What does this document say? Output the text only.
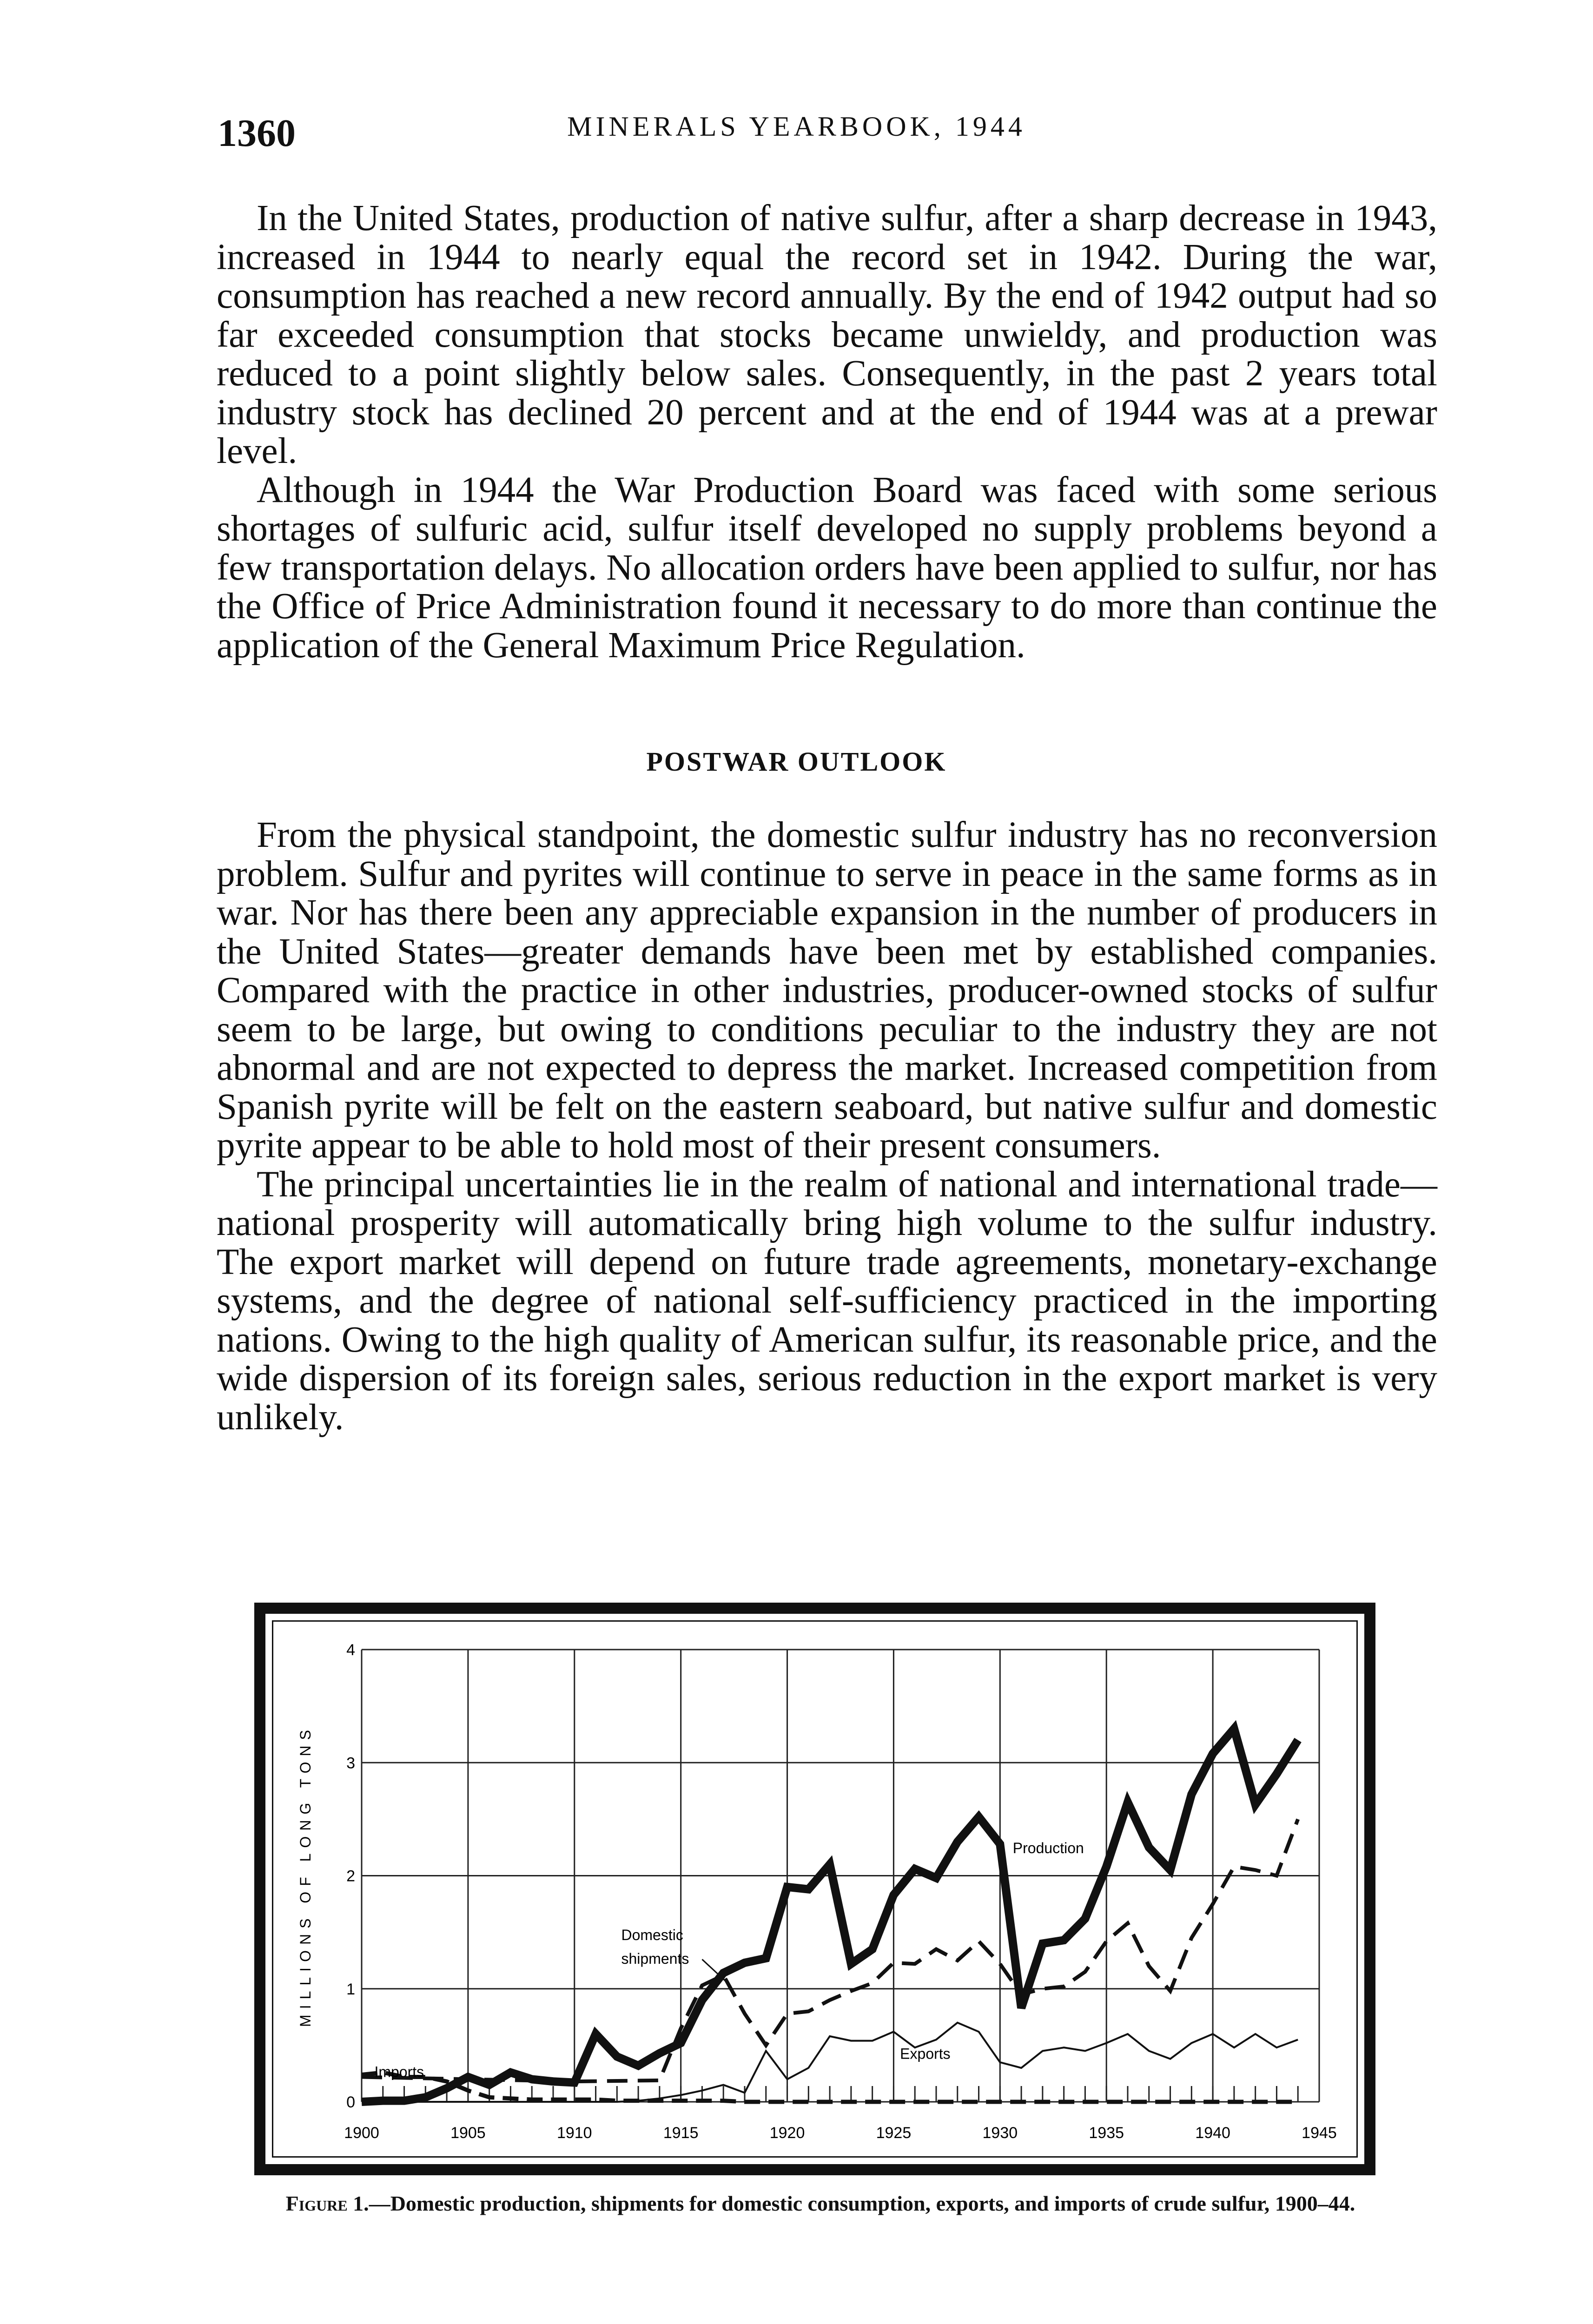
1360	MINERALS YEARBOOK, 1944

In the United States, production of native sulfur, after a sharp decrease in 1943, increased in 1944 to nearly equal the record set in 1942. During the war, consumption has reached a new record annually. By the end of 1942 output had so far exceeded consumption that stocks became unwieldy, and production was reduced to a point slightly below sales. Consequently, in the past 2 years total industry stock has declined 20 percent and at the end of 1944 was at a prewar level.

Although in 1944 the War Production Board was faced with some serious shortages of sulfuric acid, sulfur itself developed no supply problems beyond a few transportation delays. No allocation orders have been applied to sulfur, nor has the Office of Price Administration found it necessary to do more than continue the application of the General Maximum Price Regulation.

POSTWAR OUTLOOK

From the physical standpoint, the domestic sulfur industry has no reconversion problem. Sulfur and pyrites will continue to serve in peace in the same forms as in war. Nor has there been any appreciable expansion in the number of producers in the United States—greater demands have been met by established companies. Compared with the practice in other industries, producer-owned stocks of sulfur seem to be large, but owing to conditions peculiar to the industry they are not abnormal and are not expected to depress the market. Increased competition from Spanish pyrite will be felt on the eastern seaboard, but native sulfur and domestic pyrite appear to be able to hold most of their present consumers.

The principal uncertainties lie in the realm of national and international trade—national prosperity will automatically bring high volume to the sulfur industry. The export market will depend on future trade agreements, monetary-exchange systems, and the degree of national self-sufficiency practiced in the importing nations. Owing to the high quality of American sulfur, its reasonable price, and the wide dispersion of its foreign sales, serious reduction in the export market is very unlikely.

1900	1905	1910	1915	1920	1925	1930	1935	1940	1945
0
1
2
3
4
MILLIONS OF LONG TONS	Production
Domestic
shipments
Exports
Imports
Figure 1.—Domestic production, shipments for domestic consumption, exports, and imports of crude sulfur, 1900–44.
